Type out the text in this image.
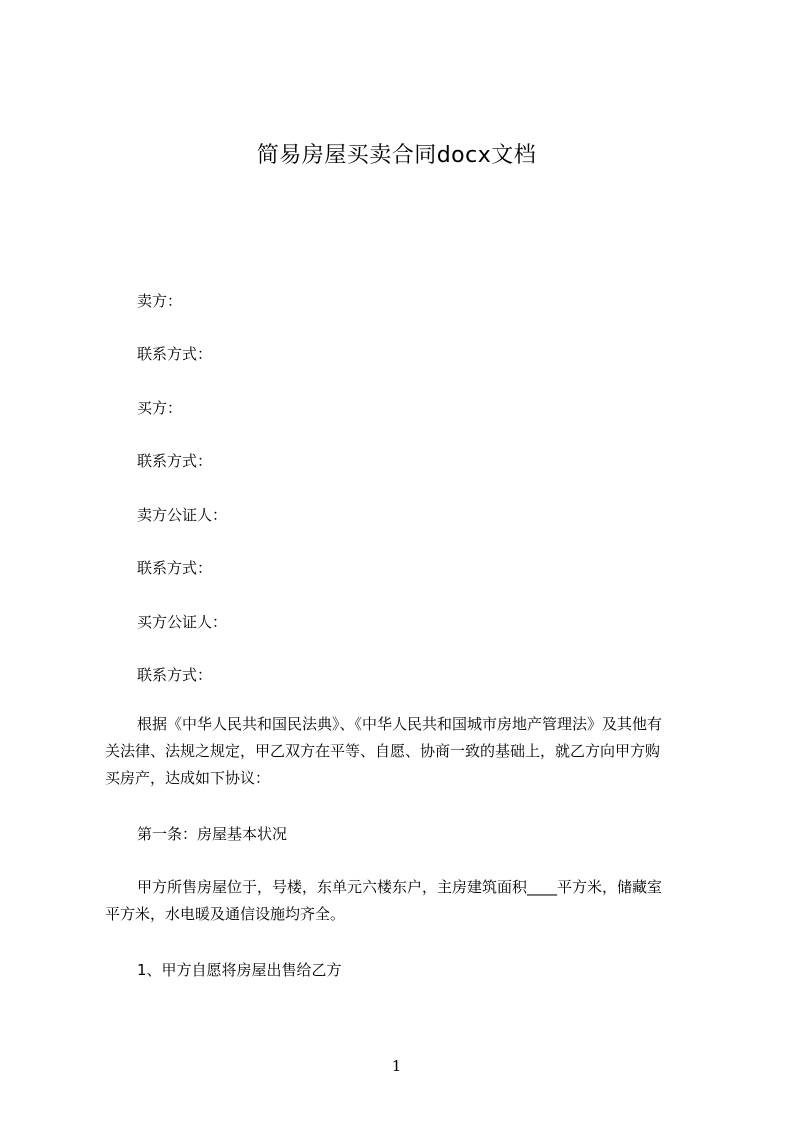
简易房屋买卖合同docx文档
卖方：
联系方式：
买方：
联系方式：
卖方公证人：
联系方式：
买方公证人：
联系方式：
根据《中华人民共和国民法典》、《中华人民共和国城市房地产管理法》及其他有
关法律、法规之规定，甲乙双方在平等、自愿、协商一致的基础上，就乙方向甲方购
买房产，达成如下协议：
第一条：房屋基本状况
甲方所售房屋位于，号楼，东单元六楼东户，主房建筑面积____平方米，储藏室
平方米，水电暖及通信设施均齐全。
1、甲方自愿将房屋出售给乙方
1
